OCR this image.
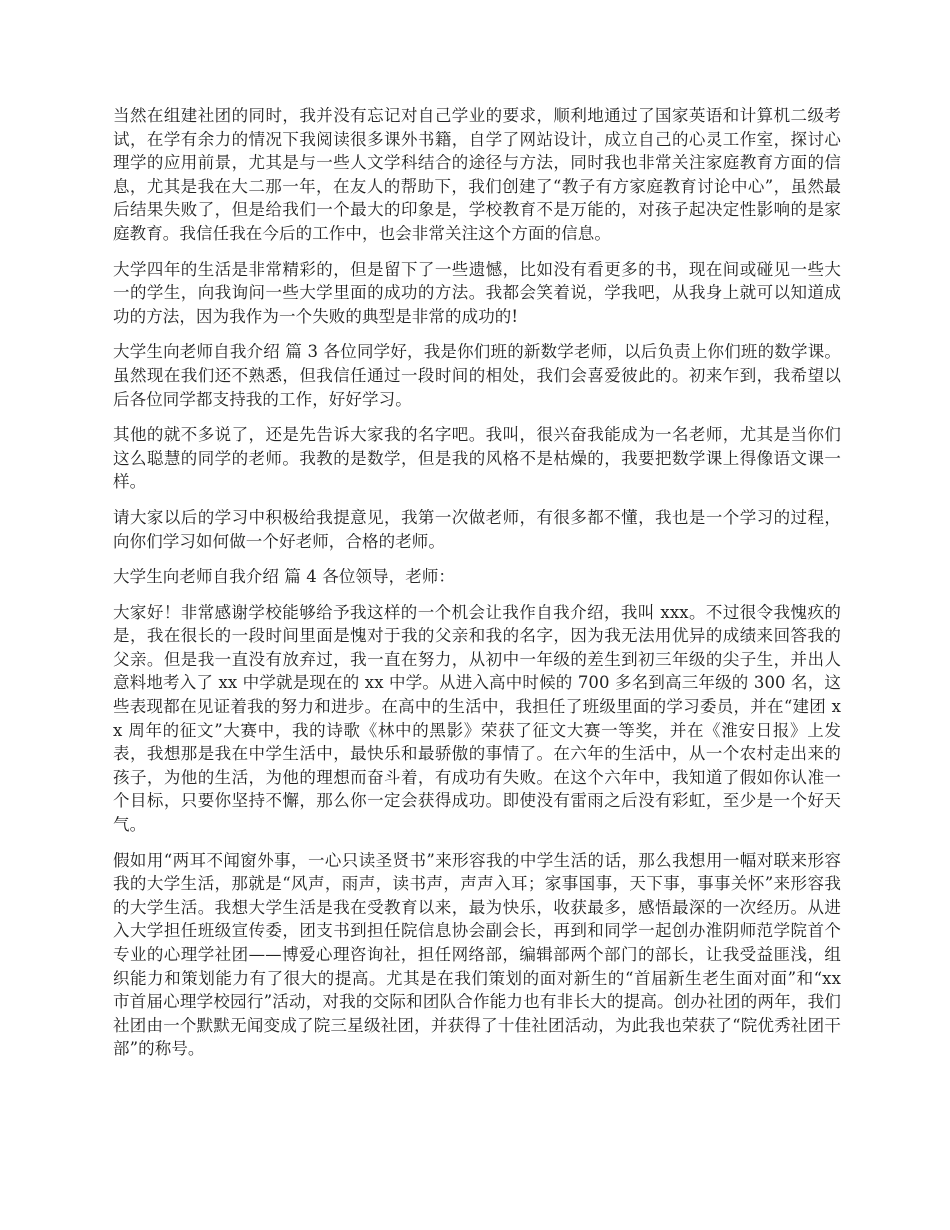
当然在组建社团的同时，我并没有忘记对自己学业的要求，顺利地通过了国家英语和计算机二级考试，在学有余力的情况下我阅读很多课外书籍，自学了网站设计，成立自己的心灵工作室，探讨心理学的应用前景，尤其是与一些人文学科结合的途径与方法，同时我也非常关注家庭教育方面的信息，尤其是我在大二那一年，在友人的帮助下，我们创建了“教子有方家庭教育讨论中心”，虽然最后结果失败了，但是给我们一个最大的印象是，学校教育不是万能的，对孩子起决定性影响的是家庭教育。我信任我在今后的工作中，也会非常关注这个方面的信息。

大学四年的生活是非常精彩的，但是留下了一些遗憾，比如没有看更多的书，现在间或碰见一些大一的学生，向我询问一些大学里面的成功的方法。我都会笑着说，学我吧，从我身上就可以知道成功的方法，因为我作为一个失败的典型是非常的成功的!

大学生向老师自我介绍 篇 3 各位同学好，我是你们班的新数学老师，以后负责上你们班的数学课。虽然现在我们还不熟悉，但我信任通过一段时间的相处，我们会喜爱彼此的。初来乍到，我希望以后各位同学都支持我的工作，好好学习。

其他的就不多说了，还是先告诉大家我的名字吧。我叫，很兴奋我能成为一名老师，尤其是当你们这么聪慧的同学的老师。我教的是数学，但是我的风格不是枯燥的，我要把数学课上得像语文课一样。

请大家以后的学习中积极给我提意见，我第一次做老师，有很多都不懂，我也是一个学习的过程，向你们学习如何做一个好老师，合格的老师。

大学生向老师自我介绍 篇 4 各位领导，老师：

大家好！非常感谢学校能够给予我这样的一个机会让我作自我介绍，我叫 xxx。不过很令我愧疚的是，我在很长的一段时间里面是愧对于我的父亲和我的名字，因为我无法用优异的成绩来回答我的父亲。但是我一直没有放弃过，我一直在努力，从初中一年级的差生到初三年级的尖子生，并出人意料地考入了 xx 中学就是现在的 xx 中学。从进入高中时候的 700 多名到高三年级的 300 名，这些表现都在见证着我的努力和进步。在高中的生活中，我担任了班级里面的学习委员，并在“建团 xx 周年的征文”大赛中，我的诗歌《林中的黑影》荣获了征文大赛一等奖，并在《淮安日报》上发表，我想那是我在中学生活中，最快乐和最骄傲的事情了。在六年的生活中，从一个农村走出来的孩子，为他的生活，为他的理想而奋斗着，有成功有失败。在这个六年中，我知道了假如你认准一个目标，只要你坚持不懈，那么你一定会获得成功。即使没有雷雨之后没有彩虹，至少是一个好天气。

假如用“两耳不闻窗外事，一心只读圣贤书”来形容我的中学生活的话，那么我想用一幅对联来形容我的大学生活，那就是“风声，雨声，读书声，声声入耳；家事国事，天下事，事事关怀”来形容我的大学生活。我想大学生活是我在受教育以来，最为快乐，收获最多，感悟最深的一次经历。从进入大学担任班级宣传委，团支书到担任院信息协会副会长，再到和同学一起创办淮阴师范学院首个专业的心理学社团——博爱心理咨询社，担任网络部，编辑部两个部门的部长，让我受益匪浅，组织能力和策划能力有了很大的提高。尤其是在我们策划的面对新生的“首届新生老生面对面”和“xx 市首届心理学校园行”活动，对我的交际和团队合作能力也有非长大的提高。创办社团的两年，我们社团由一个默默无闻变成了院三星级社团，并获得了十佳社团活动，为此我也荣获了“院优秀社团干部”的称号。
